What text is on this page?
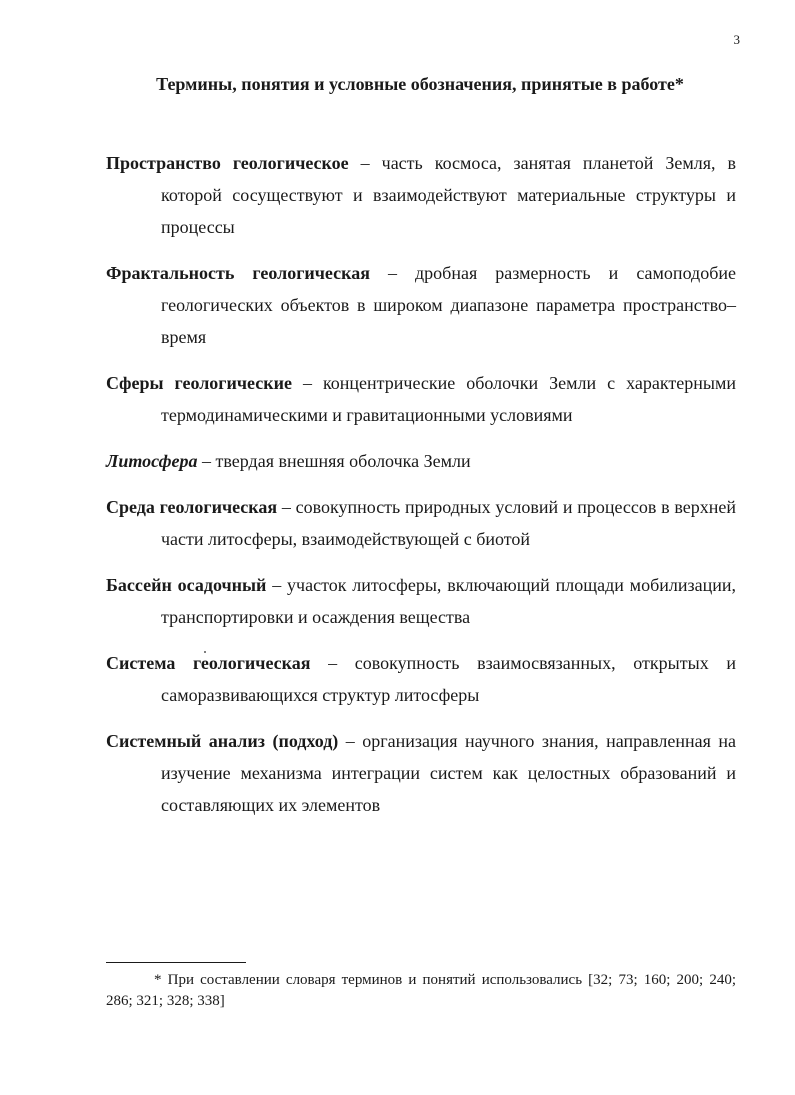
3
Термины, понятия и условные обозначения, принятые в работе*

Пространство геологическое – часть космоса, занятая планетой Земля, в которой сосуществуют и взаимодействуют материальные структуры и процессы

Фрактальность геологическая – дробная размерность и самоподобие геологических объектов в широком диапазоне параметра пространство–время

Сферы геологические – концентрические оболочки Земли с характерными термодинамическими и гравитационными условиями

Литосфера – твердая внешняя оболочка Земли

Среда геологическая – совокупность природных условий и процессов в верхней части литосферы, взаимодействующей с биотой

Бассейн осадочный – участок литосферы, включающий площади мобилизации, транспортировки и осаждения вещества

Система геологическая – совокупность взаимосвязанных, открытых и саморазвивающихся структур литосферы

Системный анализ (подход) – организация научного знания, направленная на изучение механизма интеграции систем как целостных образований и составляющих их элементов

* При составлении словаря терминов и понятий использовались [32; 73; 160; 200; 240; 286; 321; 328; 338]
